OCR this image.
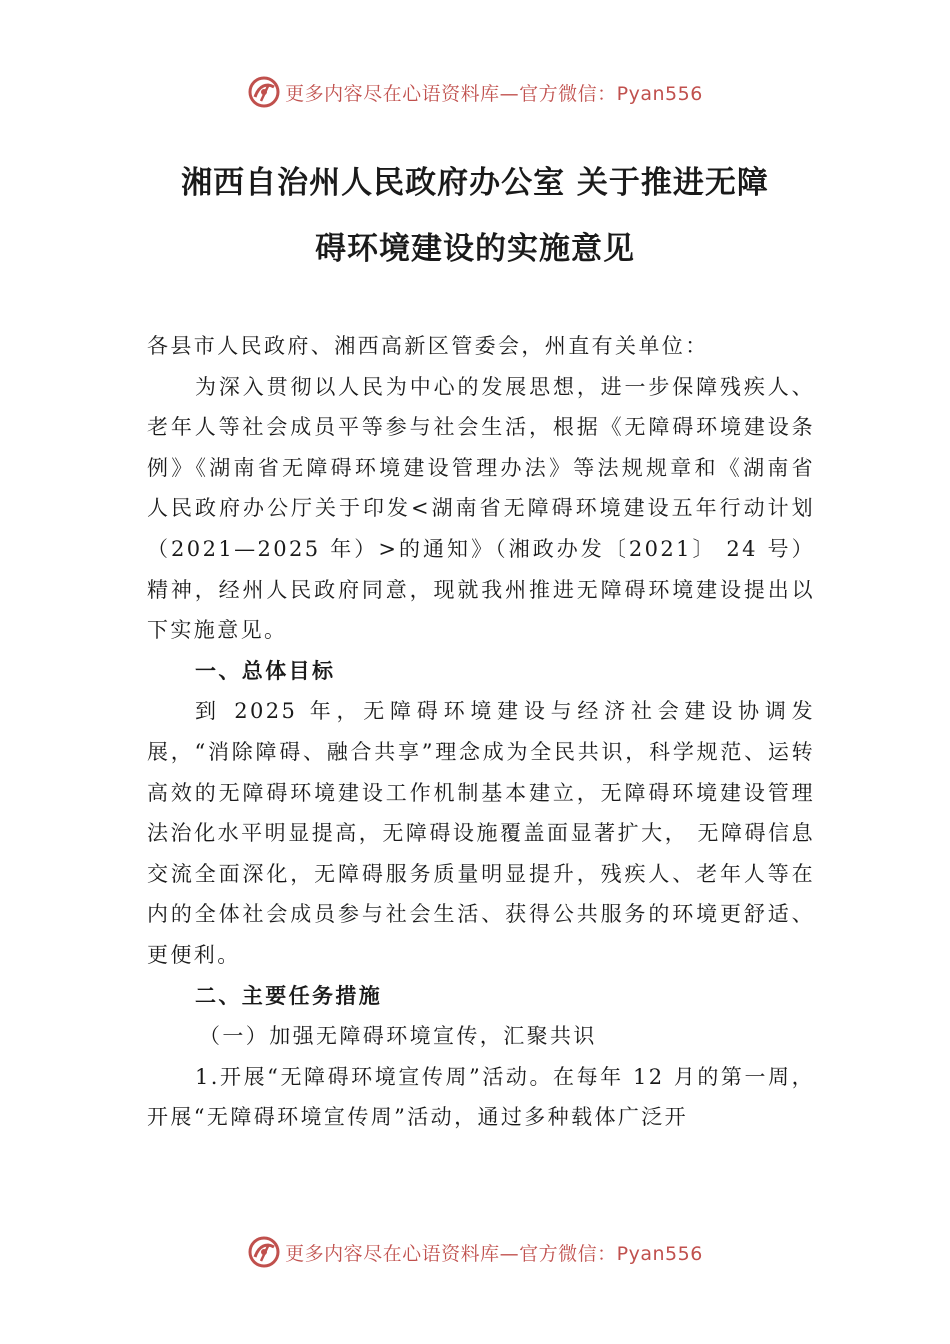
更多内容尽在心语资料库—官方微信：Pyan556
湘西自治州人民政府办公室 关于推进无障
碍环境建设的实施意见

各县市人民政府、湘西高新区管委会，州直有关单位：

为深入贯彻以人民为中心的发展思想，进一步保障残疾人、老年人等社会成员平等参与社会生活，根据《无障碍环境建设条例》《湖南省无障碍环境建设管理办法》等法规规章和《湖南省人民政府办公厅关于印发<湖南省无障碍环境建设五年行动计划（2021—2025 年）>的通知》（湘政办发〔2021〕 24 号）精神，经州人民政府同意，现就我州推进无障碍环境建设提出以下实施意见。

一、总体目标

到 2025 年，无障碍环境建设与经济社会建设协调发展，“消除障碍、融合共享”理念成为全民共识，科学规范、运转高效的无障碍环境建设工作机制基本建立，无障碍环境建设管理法治化水平明显提高，无障碍设施覆盖面显著扩大， 无障碍信息交流全面深化，无障碍服务质量明显提升，残疾人、老年人等在内的全体社会成员参与社会生活、获得公共服务的环境更舒适、更便利。

二、主要任务措施

（一）加强无障碍环境宣传，汇聚共识

1.开展“无障碍环境宣传周”活动。在每年 12 月的第一周，开展“无障碍环境宣传周”活动，通过多种载体广泛开

更多内容尽在心语资料库—官方微信：Pyan556
